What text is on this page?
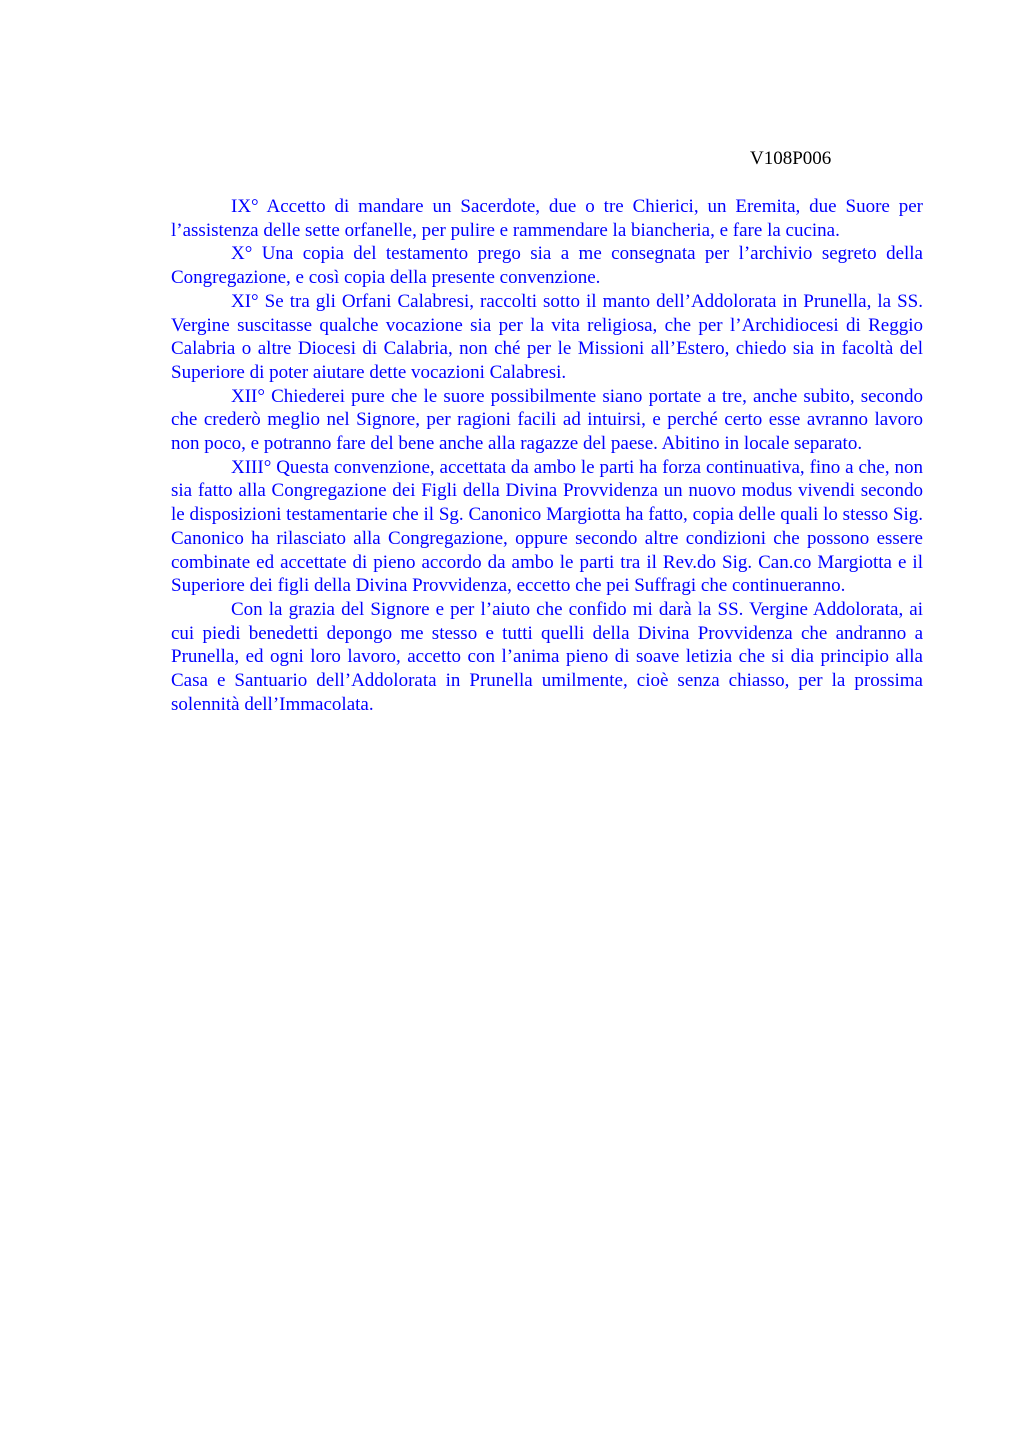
V108P006

IX° Accetto di mandare un Sacerdote, due o tre Chierici, un Eremita, due Suore per l’assistenza delle sette orfanelle, per pulire e rammendare la biancheria, e fare la cucina.

X° Una copia del testamento prego sia a me consegnata per l’archivio segreto della Congregazione, e così copia della presente convenzione.

XI° Se tra gli Orfani Calabresi, raccolti sotto il manto dell’Addolorata in Prunella, la SS. Vergine suscitasse qualche vocazione sia per la vita religiosa, che per l’Archidiocesi di Reggio Calabria o altre Diocesi di Calabria, non ché per le Missioni all’Estero, chiedo sia in facoltà del Superiore di poter aiutare dette vocazioni Calabresi.

XII° Chiederei pure che le suore possibilmente siano portate a tre, anche subito, secondo che crederò meglio nel Signore, per ragioni facili ad intuirsi, e perché certo esse avranno lavoro non poco, e potranno fare del bene anche alla ragazze del paese. Abitino in locale separato.

XIII° Questa convenzione, accettata da ambo le parti ha forza continuativa, fino a che, non sia fatto alla Congregazione dei Figli della Divina Provvidenza un nuovo modus vivendi secondo le disposizioni testamentarie che il Sg. Canonico Margiotta ha fatto, copia delle quali lo stesso Sig. Canonico ha rilasciato alla Congregazione, oppure secondo altre condizioni che possono essere combinate ed accettate di pieno accordo da ambo le parti tra il Rev.do Sig. Can.co Margiotta e il Superiore dei figli della Divina Provvidenza, eccetto che pei Suffragi che continueranno.

Con la grazia del Signore e per l’aiuto che confido mi darà la SS. Vergine Addolorata, ai cui piedi benedetti depongo me stesso e tutti quelli della Divina Provvidenza che andranno a Prunella, ed ogni loro lavoro, accetto con l’anima pieno di soave letizia che si dia principio alla Casa e Santuario dell’Addolorata in Prunella umilmente, cioè senza chiasso, per la prossima solennità dell’Immacolata.
